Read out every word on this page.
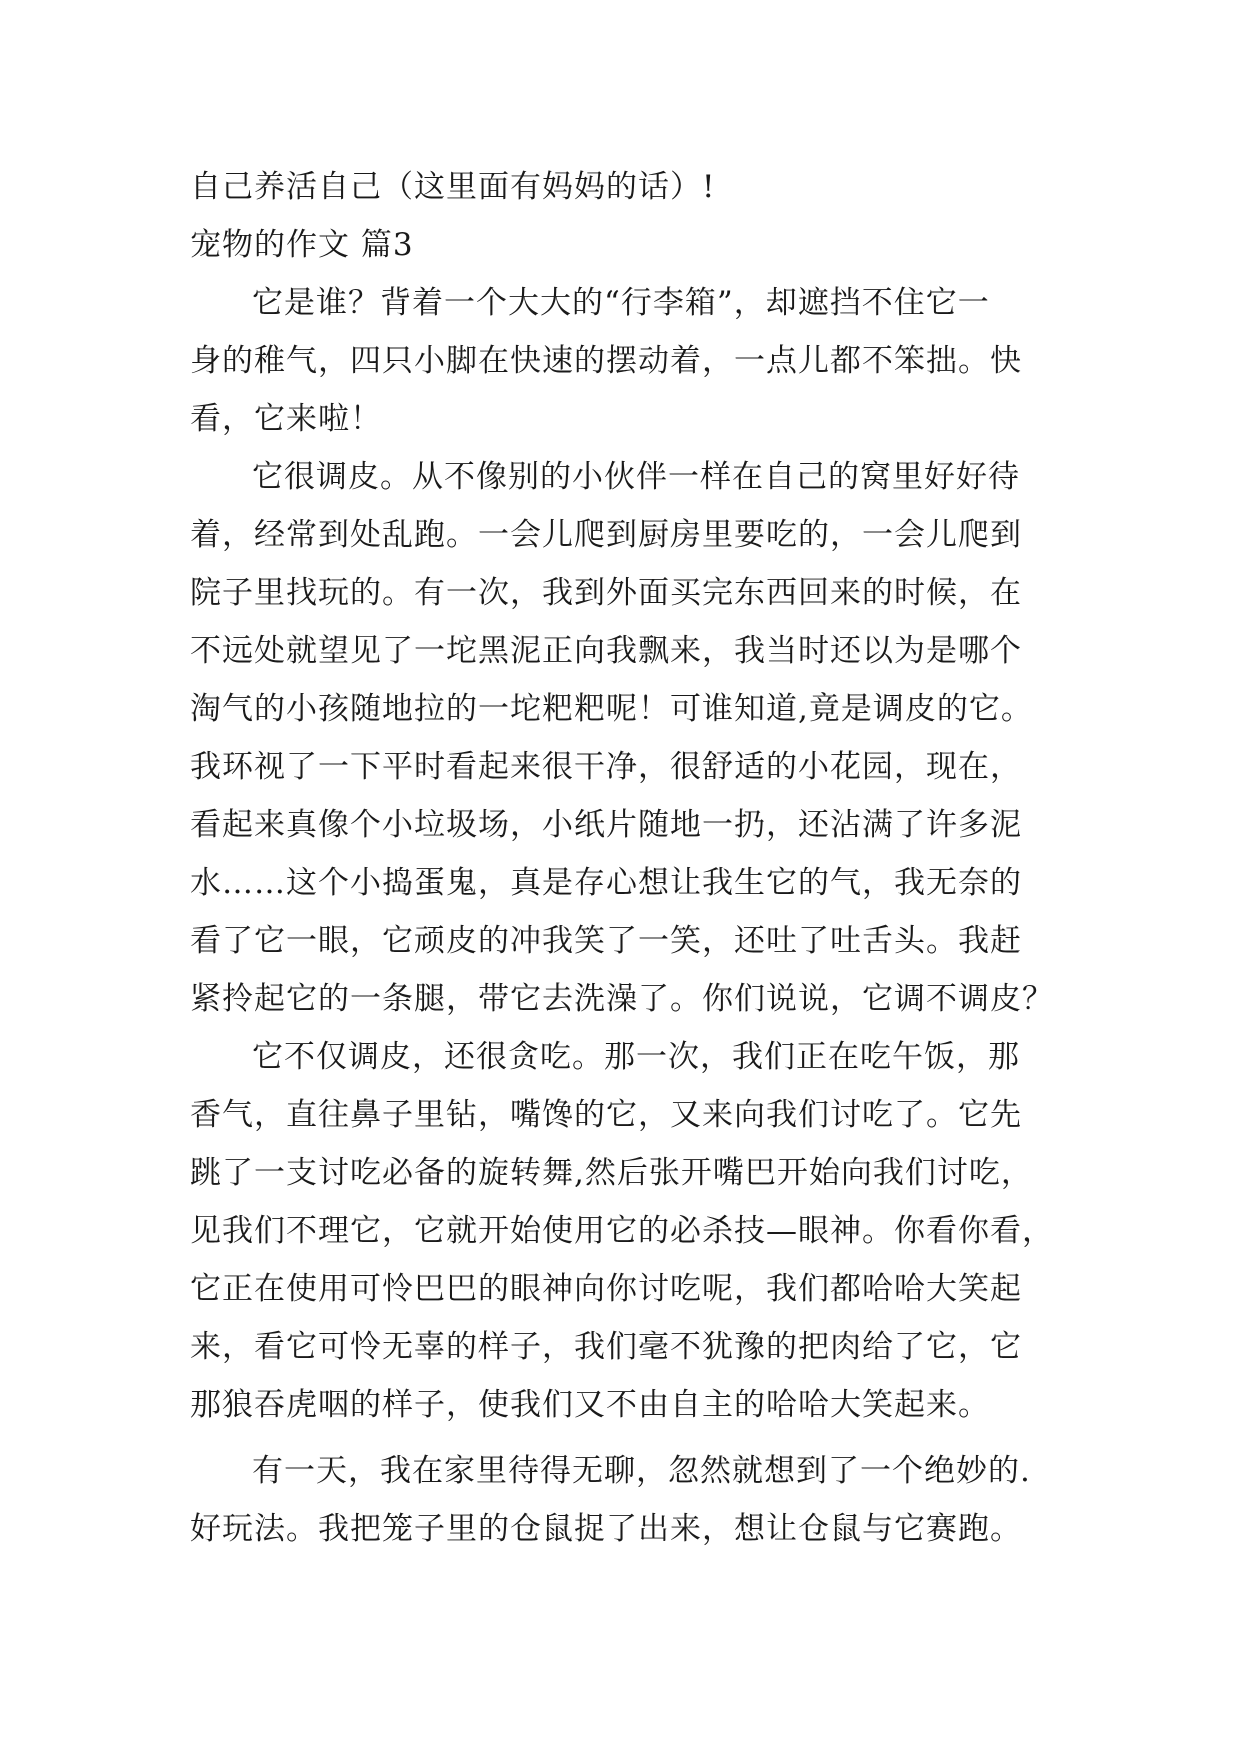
自己养活自己（这里面有妈妈的话）!
宠物的作文 篇3
它是谁？背着一个大大的“行李箱”，却遮挡不住它一
身的稚气，四只小脚在快速的摆动着，一点儿都不笨拙。快
看，它来啦！
它很调皮。从不像别的小伙伴一样在自己的窝里好好待
着，经常到处乱跑。一会儿爬到厨房里要吃的，一会儿爬到
院子里找玩的。有一次，我到外面买完东西回来的时候，在
不远处就望见了一坨黑泥正向我飘来，我当时还以为是哪个
淘气的小孩随地拉的一坨粑粑呢！可谁知道,竟是调皮的它。
我环视了一下平时看起来很干净，很舒适的小花园，现在，
看起来真像个小垃圾场，小纸片随地一扔，还沾满了许多泥
水……这个小捣蛋鬼，真是存心想让我生它的气，我无奈的
看了它一眼，它顽皮的冲我笑了一笑，还吐了吐舌头。我赶
紧拎起它的一条腿，带它去洗澡了。你们说说，它调不调皮？
它不仅调皮，还很贪吃。那一次，我们正在吃午饭，那
香气，直往鼻子里钻，嘴馋的它，又来向我们讨吃了。它先
跳了一支讨吃必备的旋转舞,然后张开嘴巴开始向我们讨吃，
见我们不理它，它就开始使用它的必杀技—眼神。你看你看，
它正在使用可怜巴巴的眼神向你讨吃呢，我们都哈哈大笑起
来，看它可怜无辜的样子，我们毫不犹豫的把肉给了它，它
那狼吞虎咽的样子，使我们又不由自主的哈哈大笑起来。
有一天，我在家里待得无聊，忽然就想到了一个绝妙的.
好玩法。我把笼子里的仓鼠捉了出来，想让仓鼠与它赛跑。
